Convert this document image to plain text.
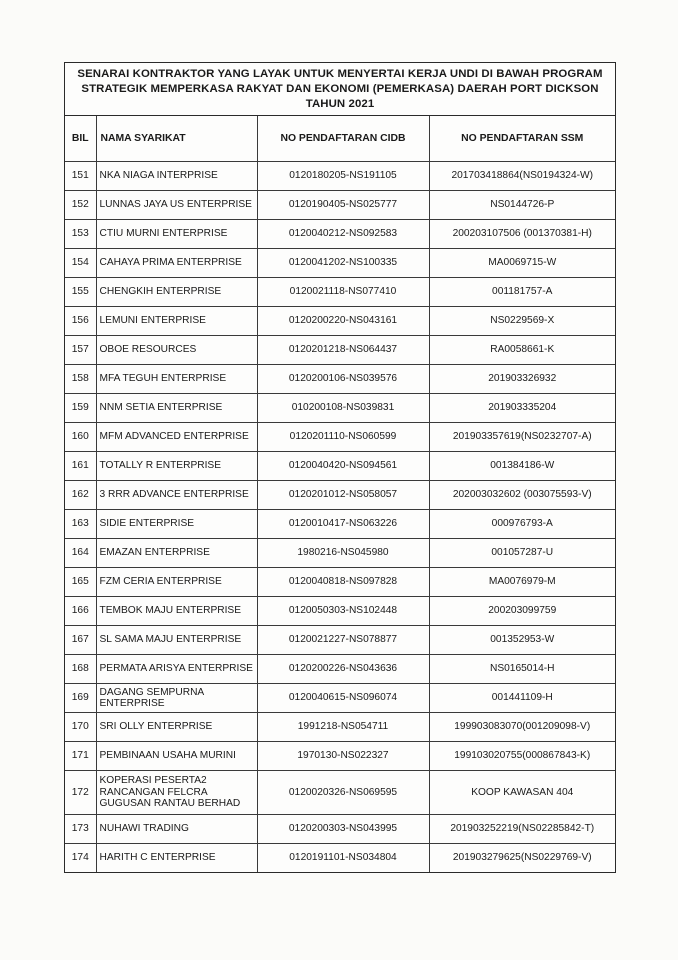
SENARAI KONTRAKTOR YANG LAYAK UNTUK MENYERTAI KERJA UNDI DI BAWAH PROGRAM
STRATEGIK MEMPERKASA RAKYAT DAN EKONOMI (PEMERKASA) DAERAH PORT DICKSON
TAHUN 2021
BIL	NAMA SYARIKAT	NO PENDAFTARAN CIDB	NO PENDAFTARAN SSM
151	NKA NIAGA INTERPRISE	0120180205-NS191105	201703418864(NS0194324-W)
152	LUNNAS JAYA US ENTERPRISE	0120190405-NS025777	NS0144726-P
153	CTIU MURNI ENTERPRISE	0120040212-NS092583	200203107506 (001370381-H)
154	CAHAYA PRIMA ENTERPRISE	0120041202-NS100335	MA0069715-W
155	CHENGKIH ENTERPRISE	0120021118-NS077410	001181757-A
156	LEMUNI ENTERPRISE	0120200220-NS043161	NS0229569-X
157	OBOE RESOURCES	0120201218-NS064437	RA0058661-K
158	MFA TEGUH ENTERPRISE	0120200106-NS039576	201903326932
159	NNM SETIA ENTERPRISE	010200108-NS039831	201903335204
160	MFM ADVANCED ENTERPRISE	0120201110-NS060599	201903357619(NS0232707-A)
161	TOTALLY R ENTERPRISE	0120040420-NS094561	001384186-W
162	3 RRR ADVANCE ENTERPRISE	0120201012-NS058057	202003032602 (003075593-V)
163	SIDIE ENTERPRISE	0120010417-NS063226	000976793-A
164	EMAZAN ENTERPRISE	1980216-NS045980	001057287-U
165	FZM CERIA ENTERPRISE	0120040818-NS097828	MA0076979-M
166	TEMBOK MAJU ENTERPRISE	0120050303-NS102448	200203099759
167	SL SAMA MAJU ENTERPRISE	0120021227-NS078877	001352953-W
168	PERMATA ARISYA ENTERPRISE	0120200226-NS043636	NS0165014-H
169	DAGANG SEMPURNA ENTERPRISE	0120040615-NS096074	001441109-H
170	SRI OLLY ENTERPRISE	1991218-NS054711	199903083070(001209098-V)
171	PEMBINAAN USAHA MURINI	1970130-NS022327	199103020755(000867843-K)
172	KOPERASI PESERTA2 RANCANGAN FELCRA GUGUSAN RANTAU BERHAD	0120020326-NS069595	KOOP KAWASAN 404
173	NUHAWI TRADING	0120200303-NS043995	201903252219(NS02285842-T)
174	HARITH C ENTERPRISE	0120191101-NS034804	201903279625(NS0229769-V)
